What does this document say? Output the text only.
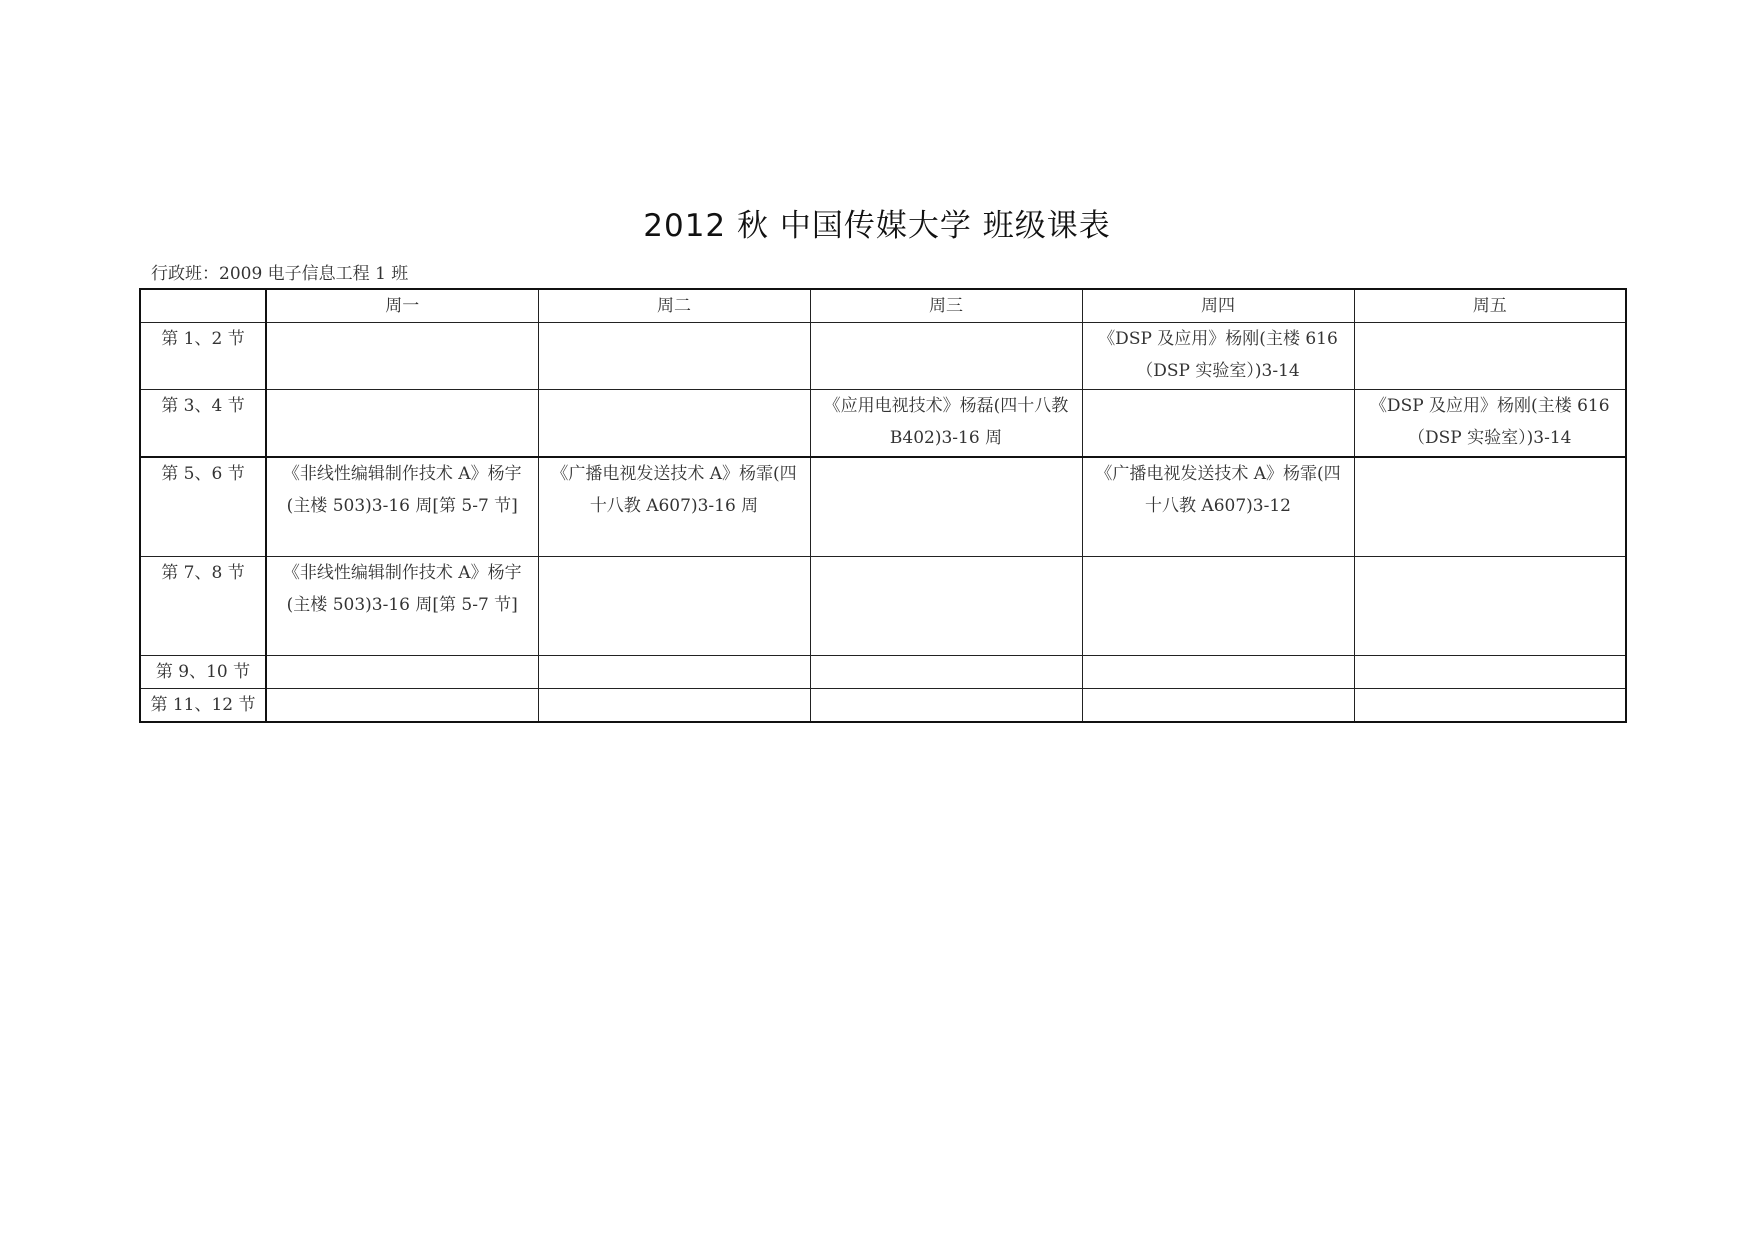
2012 秋 中国传媒大学 班级课表
行政班：2009 电子信息工程 1 班
	周一	周二	周三	周四	周五
第 1、2 节				《DSP 及应用》杨刚(主楼 616（DSP 实验室）)3-14	
第 3、4 节			《应用电视技术》杨磊(四十八教 B402)3-16 周		《DSP 及应用》杨刚(主楼 616（DSP 实验室）)3-14
第 5、6 节	《非线性编辑制作技术 A》杨宇(主楼 503)3-16 周[第 5-7 节]	《广播电视发送技术 A》杨霏(四十八教 A607)3-16 周		《广播电视发送技术 A》杨霏(四十八教 A607)3-12	
第 7、8 节	《非线性编辑制作技术 A》杨宇(主楼 503)3-16 周[第 5-7 节]				
第 9、10 节					
第 11、12 节					
